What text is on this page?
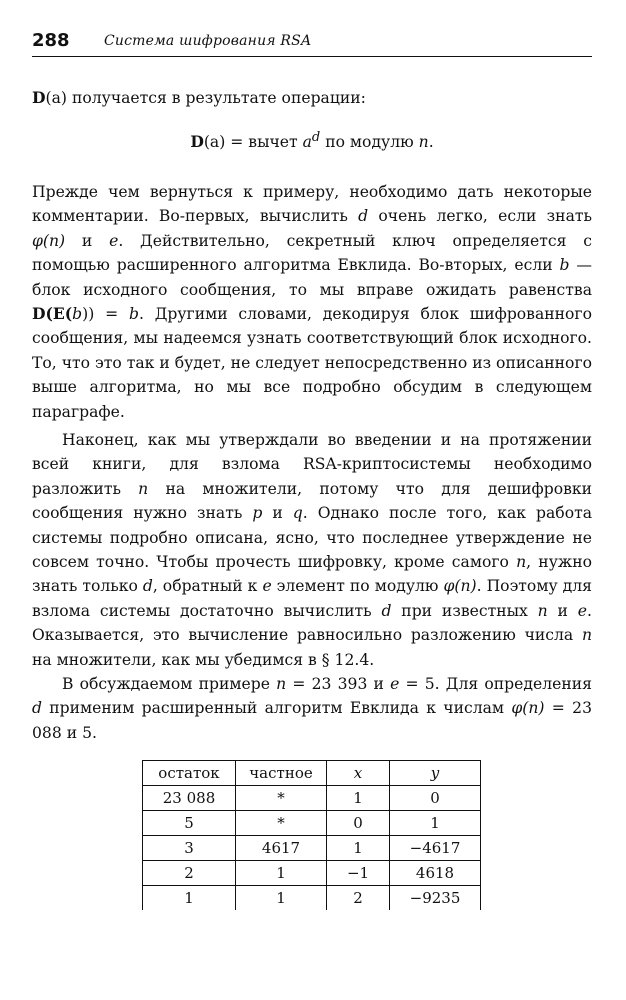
288 Система шифрования RSA

D(a) получается в результате операции:

D(a) = вычет $a^d$ по модулю n.

Прежде чем вернуться к примеру, необходимо дать некоторые комментарии. Во-первых, вычислить d очень легко, если знать φ(n) и e. Действительно, секретный ключ определяется с помощью расширенного алгоритма Евклида. Во-вторых, если b — блок исходного сообщения, то мы вправе ожидать равенства D(E(b)) = b. Другими словами, декодируя блок шифрованного сообщения, мы надеемся узнать соответствующий блок исходного. То, что это так и будет, не следует непосредственно из описанного выше алгоритма, но мы все подробно обсудим в следующем параграфе.

Наконец, как мы утверждали во введении и на протяжении всей книги, для взлома RSA-криптосистемы необходимо разложить n на множители, потому что для дешифровки сообщения нужно знать p и q. Однако после того, как работа системы подробно описана, ясно, что последнее утверждение не совсем точно. Чтобы прочесть шифровку, кроме самого n, нужно знать только d, обратный к e элемент по модулю φ(n). Поэтому для взлома системы достаточно вычислить d при известных n и e. Оказывается, это вычисление равносильно разложению числа n на множители, как мы убедимся в § 12.4.

В обсуждаемом примере n = 23 393 и e = 5. Для определения d применим расширенный алгоритм Евклида к числам φ(n) = 23 088 и 5.

остаток	частное	x	y
23 088	*	1	0
5	*	0	1
3	4617	1	−4617
2	1	−1	4618
1	1	2	−9235
